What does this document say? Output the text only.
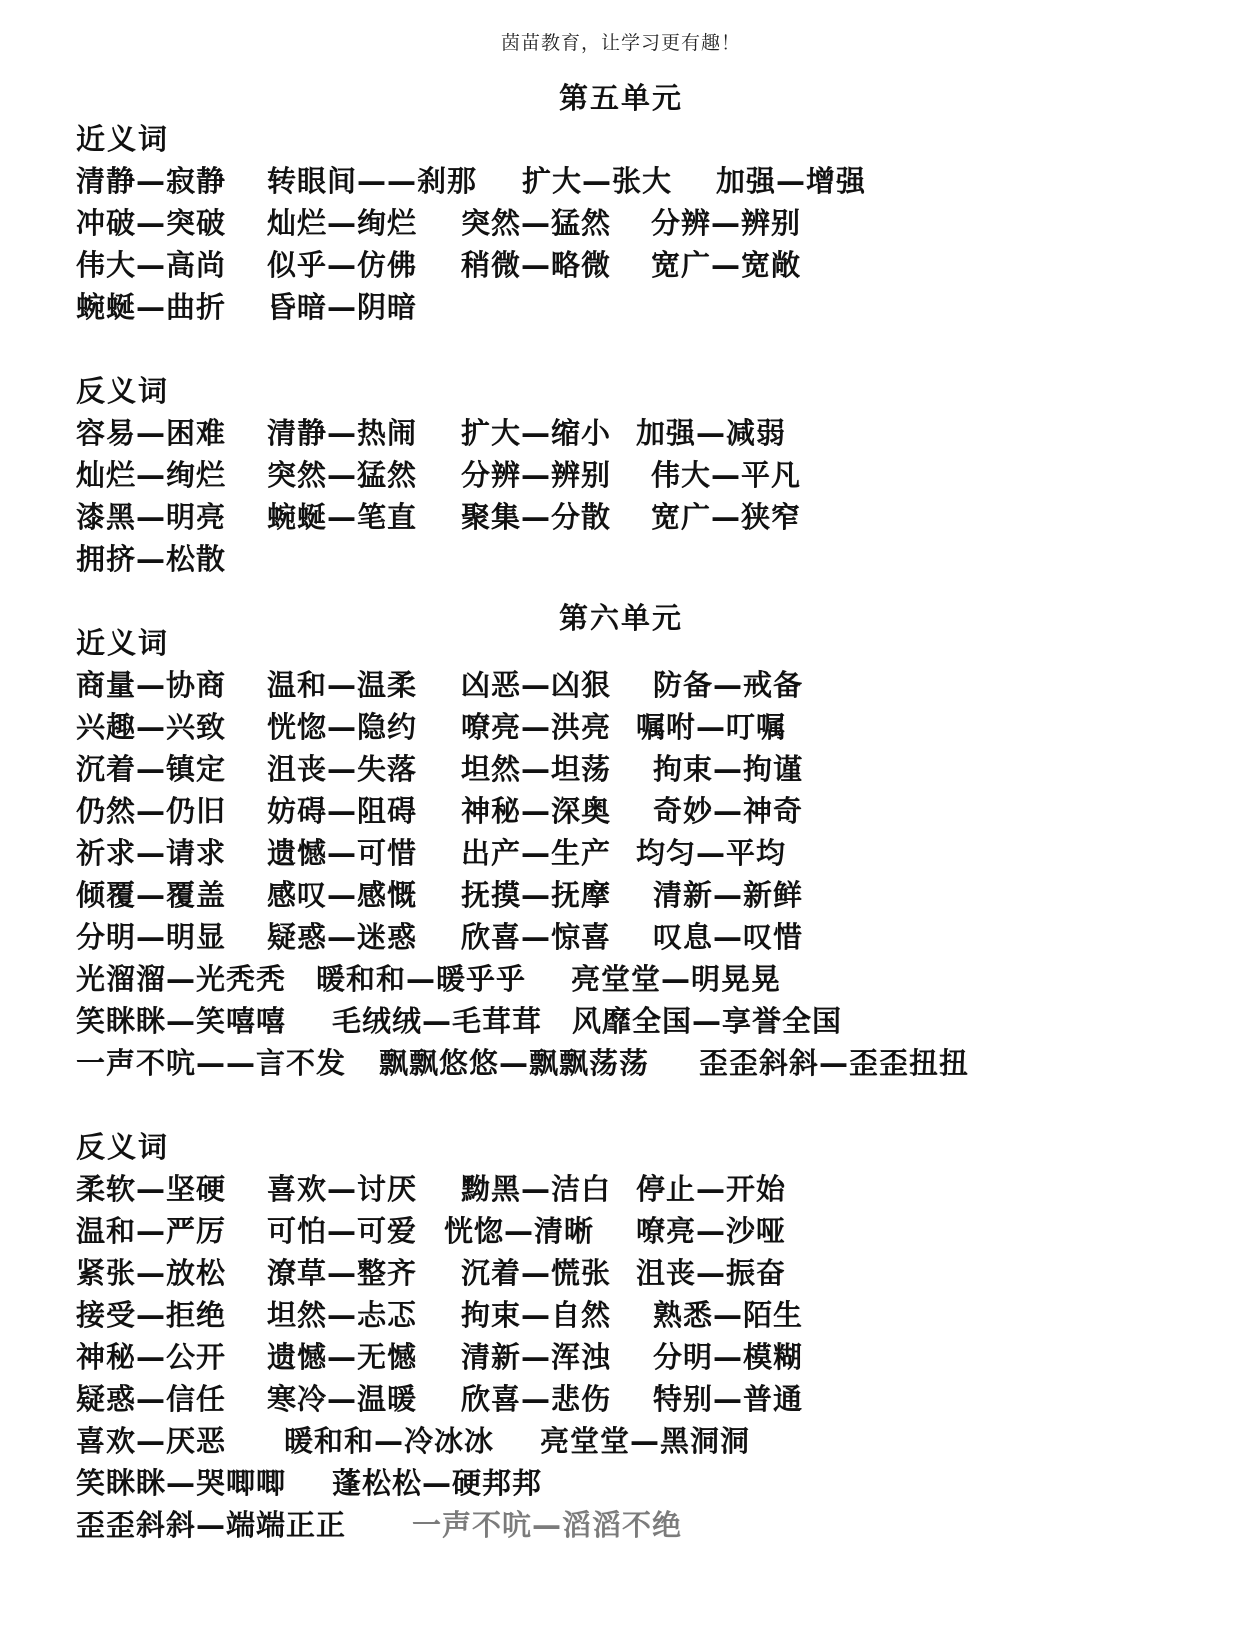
茵苗教育，让学习更有趣！
第五单元
近义词
清静—寂静 转眼间——刹那 扩大—张大 加强—增强
冲破—突破 灿烂—绚烂 突然—猛然 分辨—辨别
伟大—高尚 似乎—仿佛 稍微—略微 宽广—宽敞
蜿蜒—曲折 昏暗—阴暗
反义词
容易—困难 清静—热闹 扩大—缩小 加强—减弱
灿烂—绚烂 突然—猛然 分辨—辨别 伟大—平凡
漆黑—明亮 蜿蜒—笔直 聚集—分散 宽广—狭窄
拥挤—松散
第六单元
近义词
商量—协商 温和—温柔 凶恶—凶狠 防备—戒备
兴趣—兴致 恍惚—隐约 嘹亮—洪亮 嘱咐—叮嘱
沉着—镇定 沮丧—失落 坦然—坦荡 拘束—拘谨
仍然—仍旧 妨碍—阻碍 神秘—深奥 奇妙—神奇
祈求—请求 遗憾—可惜 出产—生产 均匀—平均
倾覆—覆盖 感叹—感慨 抚摸—抚摩 清新—新鲜
分明—明显 疑惑—迷惑 欣喜—惊喜 叹息—叹惜
光溜溜—光秃秃 暖和和—暖乎乎 亮堂堂—明晃晃
笑眯眯—笑嘻嘻 毛绒绒—毛茸茸 风靡全国—享誉全国
一声不吭——言不发 飘飘悠悠—飘飘荡荡 歪歪斜斜—歪歪扭扭
反义词
柔软—坚硬 喜欢—讨厌 黝黑—洁白 停止—开始
温和—严厉 可怕—可爱 恍惚—清晰 嘹亮—沙哑
紧张—放松 潦草—整齐 沉着—慌张 沮丧—振奋
接受—拒绝 坦然—忐忑 拘束—自然 熟悉—陌生
神秘—公开 遗憾—无憾 清新—浑浊 分明—模糊
疑惑—信任 寒冷—温暖 欣喜—悲伤 特别—普通
喜欢—厌恶 暖和和—冷冰冰 亮堂堂—黑洞洞
笑眯眯—哭唧唧 蓬松松—硬邦邦
歪歪斜斜—端端正正 一声不吭—滔滔不绝
